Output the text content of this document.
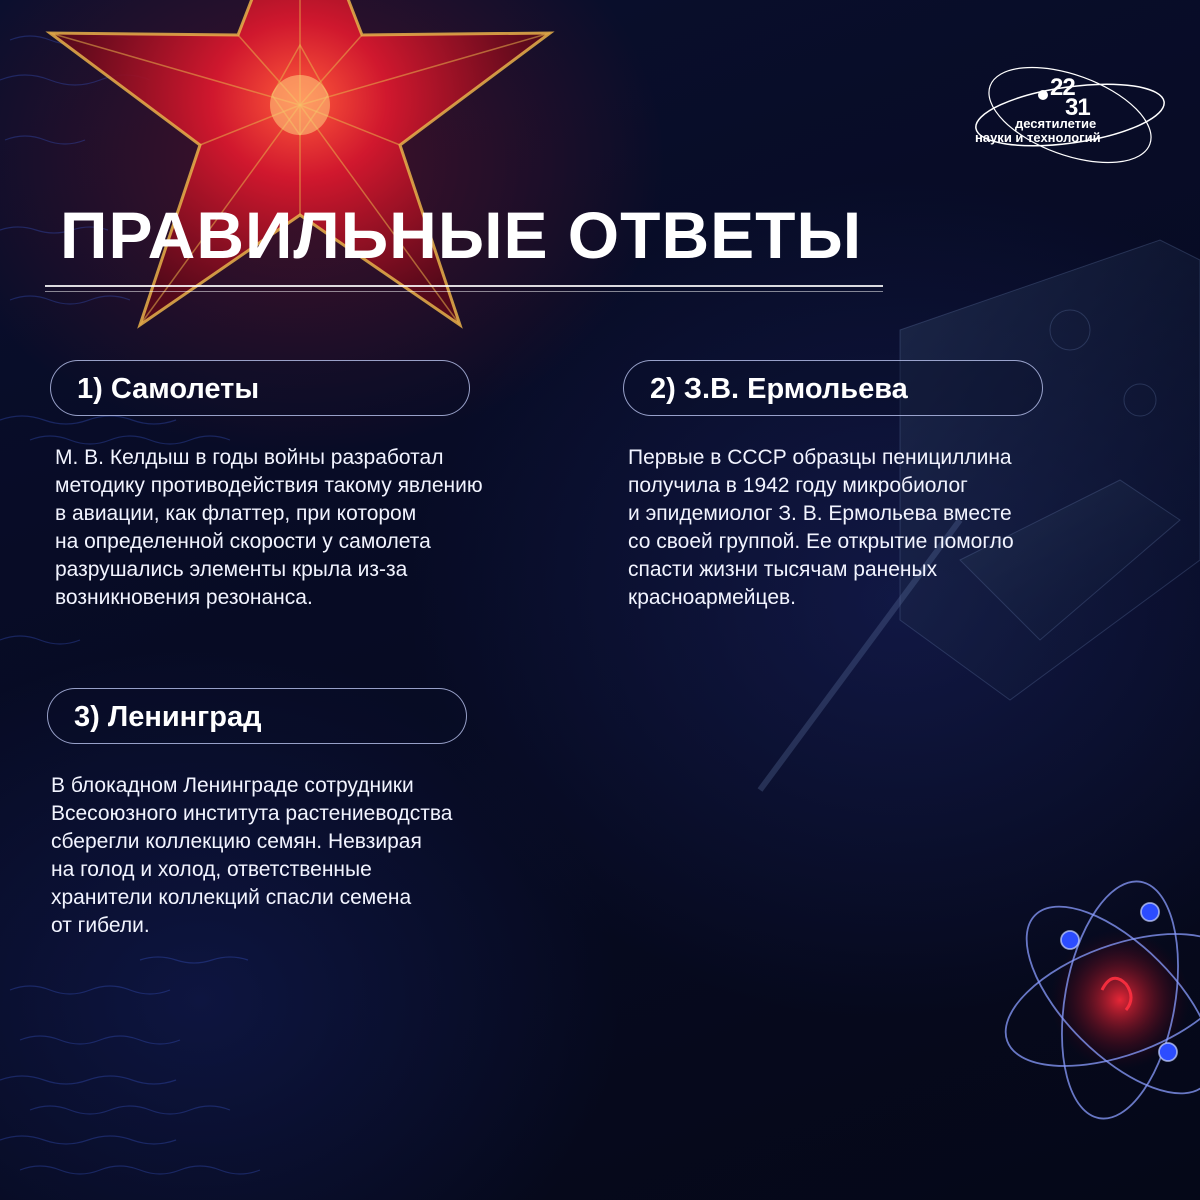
22
31
десятилетие
науки и технологий
ПРАВИЛЬНЫЕ ОТВЕТЫ
1) Самолеты

М. В. Келдыш в годы войны разработал
методику противодействия такому явлению
в авиации, как флаттер, при котором
на определенной скорости у самолета
разрушались элементы крыла из-за
возникновения резонанса.

2) З.В. Ермольева

Первые в СССР образцы пенициллина
получила в 1942 году микробиолог
и эпидемиолог З. В. Ермольева вместе
со своей группой. Ее открытие помогло
спасти жизни тысячам раненых
красноармейцев.

3) Ленинград

В блокадном Ленинграде сотрудники
Всесоюзного института растениеводства
сберегли коллекцию семян. Невзирая
на голод и холод, ответственные
хранители коллекций спасли семена
от гибели.
